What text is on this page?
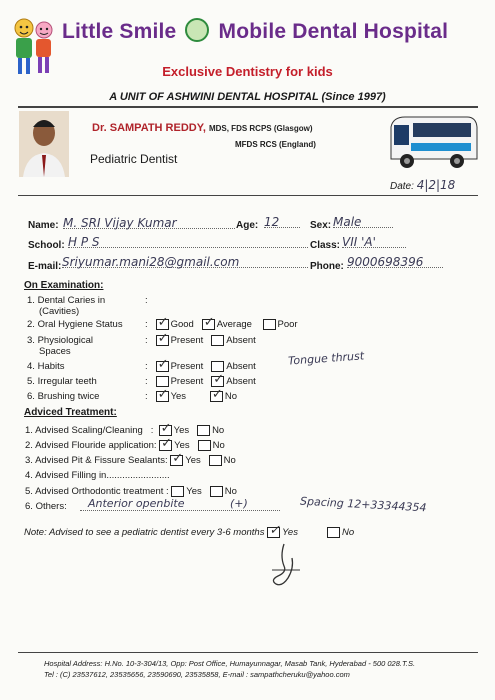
Little Smile Mobile Dental Hospital
Exclusive Dentistry for kids
A UNIT OF ASHWINI DENTAL HOSPITAL (Since 1997)
Dr. SAMPATH REDDY, MDS, FDS RCPS (Glasgow)
MFDS RCS (England)
Pediatric Dentist
Date: 4|2|18
Name: M. SRI Vijay Kumar	Age: 12	Sex: Male
School: H P S	Class: VII 'A'
E-mail: Sriyumar.mani28@gmail.com	Phone: 9000698396
On Examination:
1. Dental Caries in
(Cavities)
:
2. Oral Hygiene Status :   ✓Good ✓ Average	Poor
3. Physiological
Spaces
:   ✓Present Absent
4. Habits	:   ✓Present Absent	Tongue thrust
5. Irregular teeth	:   Present ✓ Absent
6. Brushing twice	:   ✓Yes ✓	No
Adviced Treatment:
1. Advised Scaling/Cleaning   :  ✓Yes No
2. Advised Flouride application: ✓ Yes No
3. Advised Pit & Fissure Sealants: ✓ Yes No
4. Advised Filling in........................
5. Advised Orthodontic treatment : Yes No
6. Others: Anterior openbite	(+)	Spacing 12+33344354
Note: Advised to see a pediatric dentist every 3-6 months ✓ Yes	No
Hospital Address: H.No. 10-3-304/13, Opp: Post Office, Humayunnagar, Masab Tank, Hyderabad - 500 028.T.S.
Tel : (C) 23537612, 23535656, 23590690, 23535858, E-mail : sampathcheruku@yahoo.com
